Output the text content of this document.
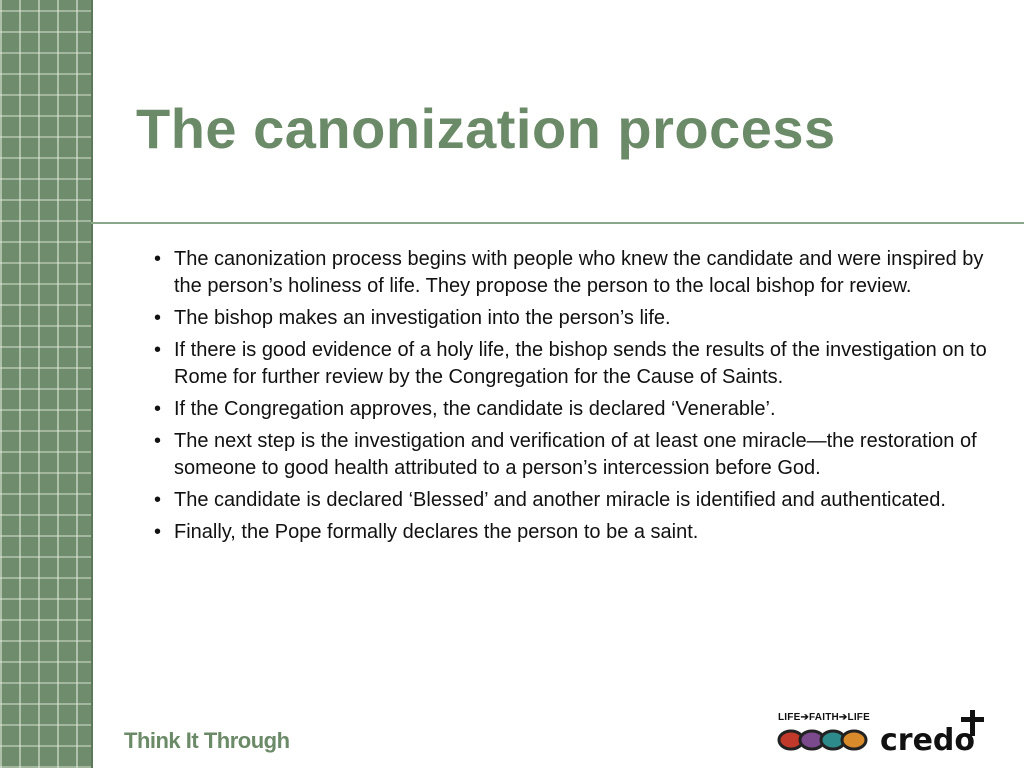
The canonization process
• The canonization process begins with people who knew the candidate and were inspired by the person’s holiness of life. They propose the person to the local bishop for review.
• The bishop makes an investigation into the person’s life.
• If there is good evidence of a holy life, the bishop sends the results of the investigation on to Rome for further review by the Congregation for the Cause of Saints.
• If the Congregation approves, the candidate is declared ‘Venerable’.
• The next step is the investigation and verification of at least one miracle—the restoration of someone to good health attributed to a person’s intercession before God.
• The candidate is declared ‘Blessed’ and another miracle is identified and authenticated.
• Finally, the Pope formally declares the person to be a saint.
Think It Through
LIFE➔FAITH➔LIFE
credo
